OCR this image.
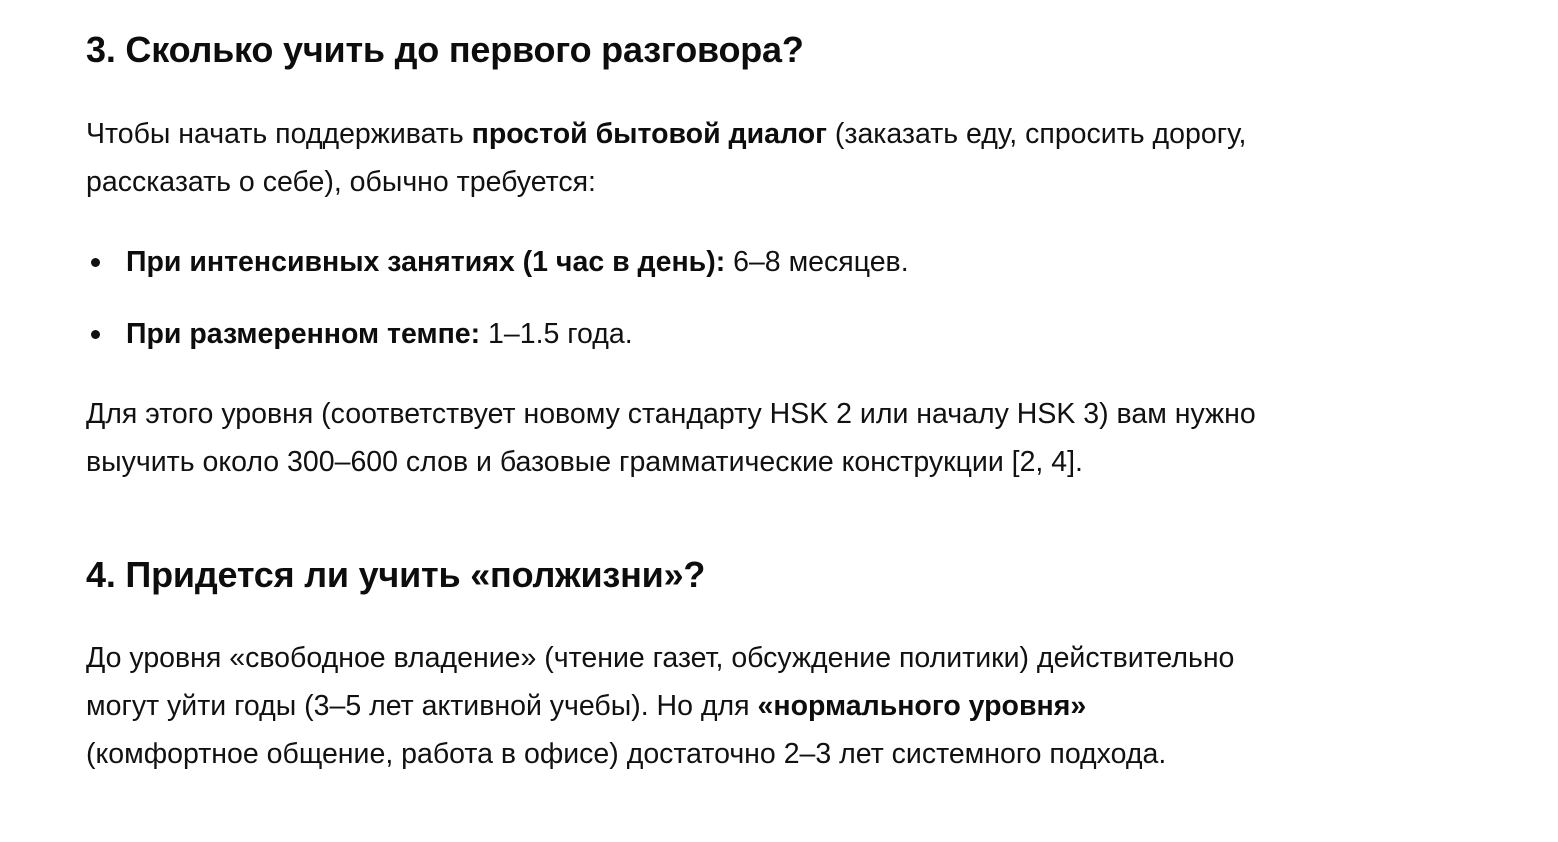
3. Сколько учить до первого разговора?

Чтобы начать поддерживать простой бытовой диалог (заказать еду, спросить дорогу,
рассказать о себе), обычно требуется:

При интенсивных занятиях (1 час в день): 6–8 месяцев.
При размеренном темпе: 1–1.5 года.

Для этого уровня (соответствует новому стандарту HSK 2 или началу HSK 3) вам нужно
выучить около 300–600 слов и базовые грамматические конструкции [2, 4].

4. Придется ли учить «полжизни»?

До уровня «свободное владение» (чтение газет, обсуждение политики) действительно
могут уйти годы (3–5 лет активной учебы). Но для «нормального уровня»
(комфортное общение, работа в офисе) достаточно 2–3 лет системного подхода.
